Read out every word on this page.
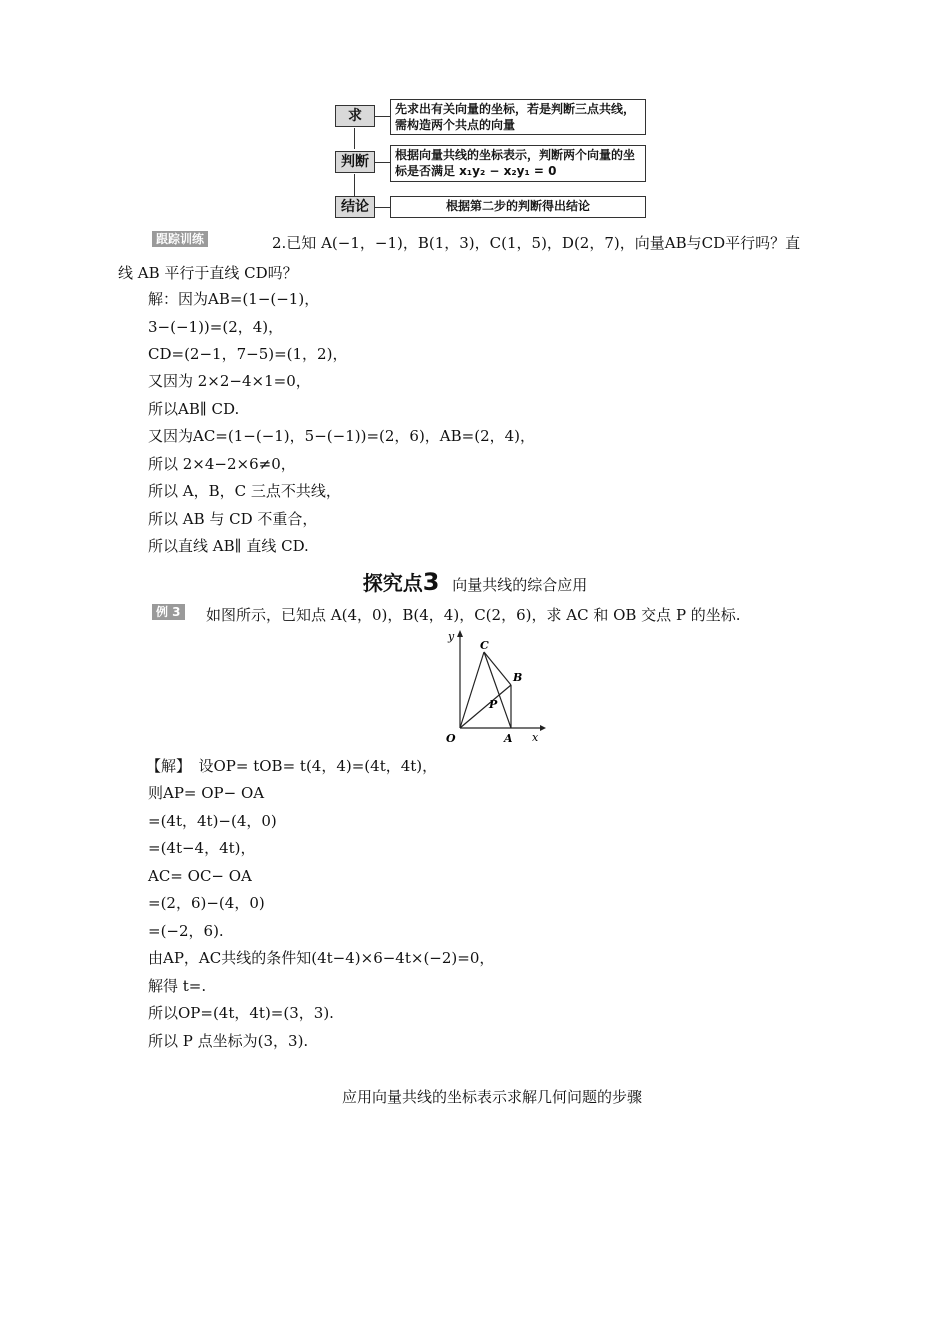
求	先求出有关向量的坐标，若是判断三点共线，需构造两个共点的向量
判断	根据向量共线的坐标表示，判断两个向量的坐标是否满足 x₁y₂ − x₂y₁ = 0
结论	根据第二步的判断得出结论
跟踪训练	2.已知 A(−1，−1)，B(1，3)，C(1，5)，D(2，7)，向量AB与CD平行吗？直
线 AB 平行于直线 CD吗？
解：因为AB=(1−(−1)，
3−(−1))=(2，4)，
CD=(2−1，7−5)=(1，2)，
又因为 2×2−4×1=0，
所以AB∥ CD.
又因为AC=(1−(−1)，5−(−1))=(2，6)，AB=(2，4)，
所以 2×4−2×6≠0，
所以 A，B，C 三点不共线，
所以 AB 与 CD 不重合，
所以直线 AB∥ 直线 CD.
探究点3 向量共线的综合应用
例 3 如图所示，已知点 A(4，0)，B(4，4)，C(2，6)，求 AC 和 OB 交点 P 的坐标.
y
x
O	A
B
C
P
【解】　设OP= tOB= t(4，4)=(4t，4t)，
则AP= OP− OA
=(4t，4t)−(4，0)
=(4t−4，4t)，
AC= OC− OA
=(2，6)−(4，0)
=(−2，6).
由AP，AC共线的条件知(4t−4)×6−4t×(−2)=0，
解得 t=.
所以OP=(4t，4t)=(3，3).
所以 P 点坐标为(3，3).
应用向量共线的坐标表示求解几何问题的步骤
